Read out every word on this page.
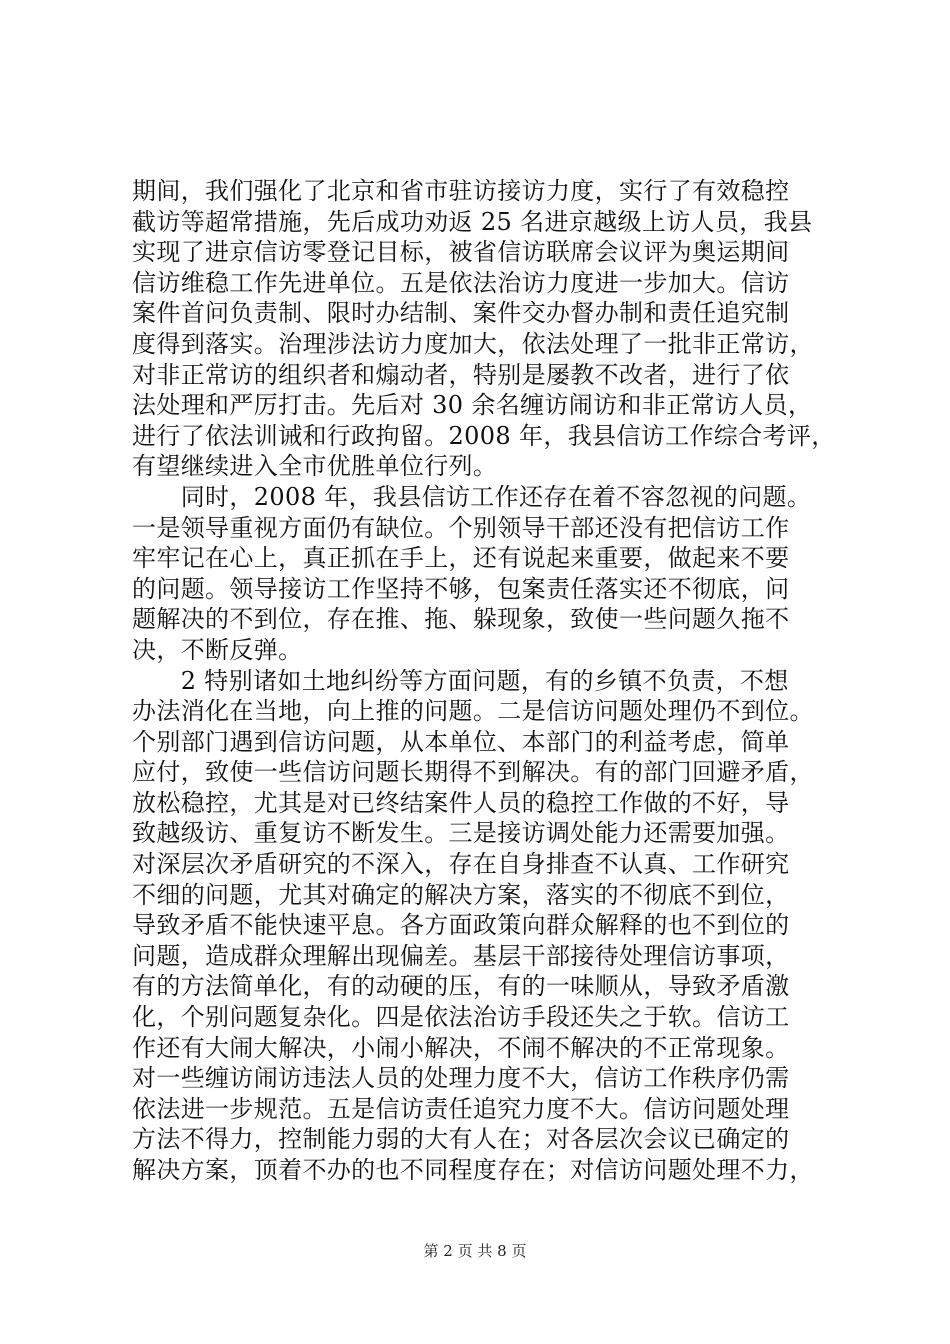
期间，我们强化了北京和省市驻访接访力度，实行了有效稳控
截访等超常措施，先后成功劝返 25 名进京越级上访人员，我县
实现了进京信访零登记目标，被省信访联席会议评为奥运期间
信访维稳工作先进单位。五是依法治访力度进一步加大。信访
案件首问负责制、限时办结制、案件交办督办制和责任追究制
度得到落实。治理涉法访力度加大，依法处理了一批非正常访，
对非正常访的组织者和煽动者，特别是屡教不改者，进行了依
法处理和严厉打击。先后对 30 余名缠访闹访和非正常访人员，
进行了依法训诫和行政拘留。2008 年，我县信访工作综合考评，
有望继续进入全市优胜单位行列。
　　同时，2008 年，我县信访工作还存在着不容忽视的问题。
一是领导重视方面仍有缺位。个别领导干部还没有把信访工作
牢牢记在心上，真正抓在手上，还有说起来重要，做起来不要
的问题。领导接访工作坚持不够，包案责任落实还不彻底，问
题解决的不到位，存在推、拖、躲现象，致使一些问题久拖不
决，不断反弹。
　　2 特别诸如土地纠纷等方面问题，有的乡镇不负责，不想
办法消化在当地，向上推的问题。二是信访问题处理仍不到位。
个别部门遇到信访问题，从本单位、本部门的利益考虑，简单
应付，致使一些信访问题长期得不到解决。有的部门回避矛盾，
放松稳控，尤其是对已终结案件人员的稳控工作做的不好，导
致越级访、重复访不断发生。三是接访调处能力还需要加强。
对深层次矛盾研究的不深入，存在自身排查不认真、工作研究
不细的问题，尤其对确定的解决方案，落实的不彻底不到位，
导致矛盾不能快速平息。各方面政策向群众解释的也不到位的
问题，造成群众理解出现偏差。基层干部接待处理信访事项，
有的方法简单化，有的动硬的压，有的一味顺从，导致矛盾激
化，个别问题复杂化。四是依法治访手段还失之于软。信访工
作还有大闹大解决，小闹小解决，不闹不解决的不正常现象。
对一些缠访闹访违法人员的处理力度不大，信访工作秩序仍需
依法进一步规范。五是信访责任追究力度不大。信访问题处理
方法不得力，控制能力弱的大有人在；对各层次会议已确定的
解决方案，顶着不办的也不同程度存在；对信访问题处理不力，
第 2 页 共 8 页
